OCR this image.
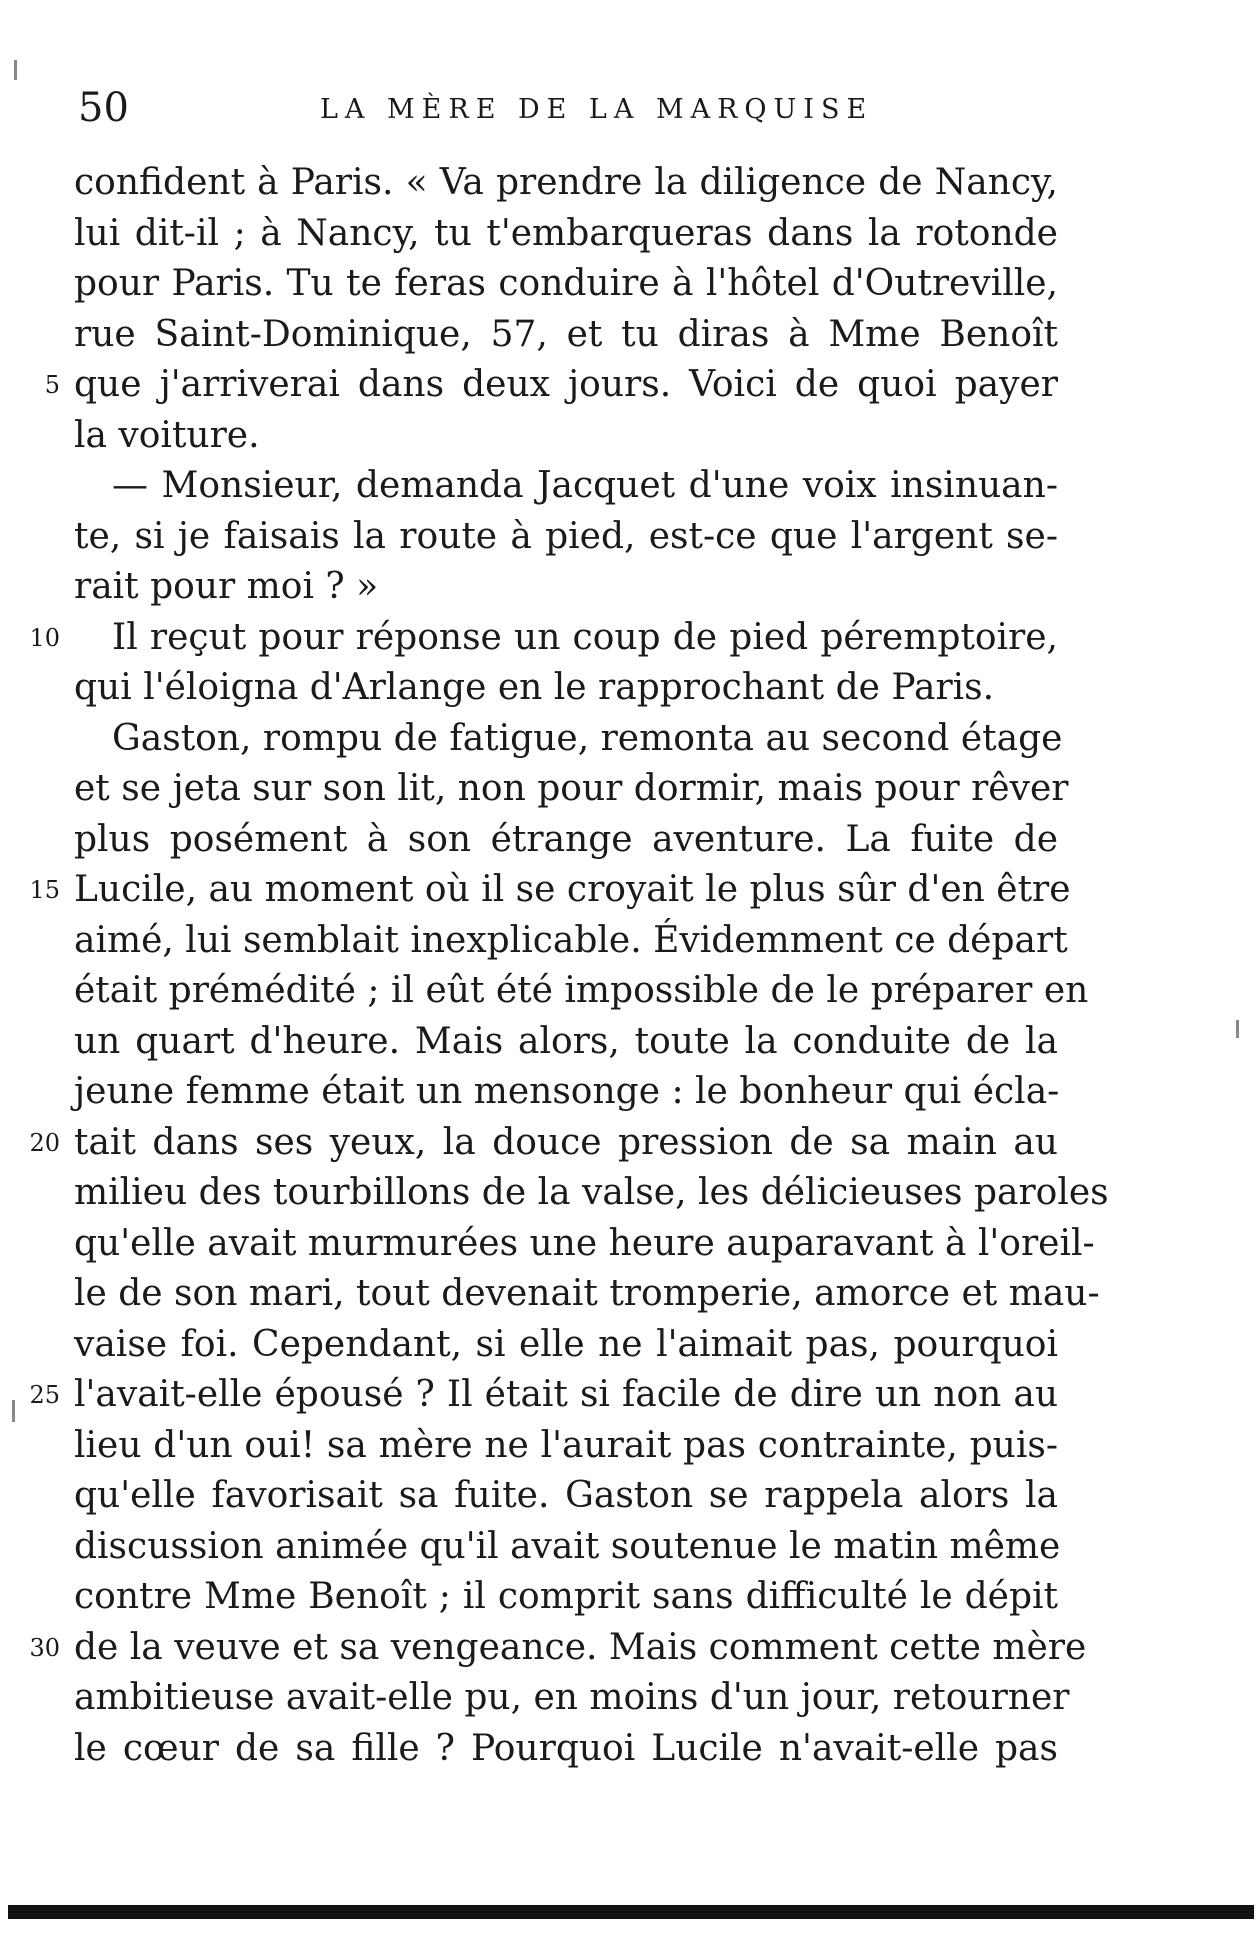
50	LA MÈRE DE LA MARQUISE
confident à Paris. « Va prendre la diligence de Nancy,
lui dit-il ; à Nancy, tu t'embarqueras dans la rotonde
pour Paris. Tu te feras conduire à l'hôtel d'Outreville,
rue Saint-Dominique, 57, et tu diras à Mme Benoît
5 que j'arriverai dans deux jours. Voici de quoi payer
la voiture.
— Monsieur, demanda Jacquet d'une voix insinuan-
te, si je faisais la route à pied, est-ce que l'argent se-
rait pour moi ? »
10 Il reçut pour réponse un coup de pied péremptoire,
qui l'éloigna d'Arlange en le rapprochant de Paris.
Gaston, rompu de fatigue, remonta au second étage
et se jeta sur son lit, non pour dormir, mais pour rêver
plus posément à son étrange aventure. La fuite de
15 Lucile, au moment où il se croyait le plus sûr d'en être
aimé, lui semblait inexplicable. Évidemment ce départ
était prémédité ; il eût été impossible de le préparer en
un quart d'heure. Mais alors, toute la conduite de la
jeune femme était un mensonge : le bonheur qui écla-
20 tait dans ses yeux, la douce pression de sa main au
milieu des tourbillons de la valse, les délicieuses paroles
qu'elle avait murmurées une heure auparavant à l'oreil-
le de son mari, tout devenait tromperie, amorce et mau-
vaise foi. Cependant, si elle ne l'aimait pas, pourquoi
25 l'avait-elle épousé ? Il était si facile de dire un non au
lieu d'un oui! sa mère ne l'aurait pas contrainte, puis-
qu'elle favorisait sa fuite. Gaston se rappela alors la
discussion animée qu'il avait soutenue le matin même
contre Mme Benoît ; il comprit sans difficulté le dépit
30 de la veuve et sa vengeance. Mais comment cette mère
ambitieuse avait-elle pu, en moins d'un jour, retourner
le cœur de sa fille ? Pourquoi Lucile n'avait-elle pas
